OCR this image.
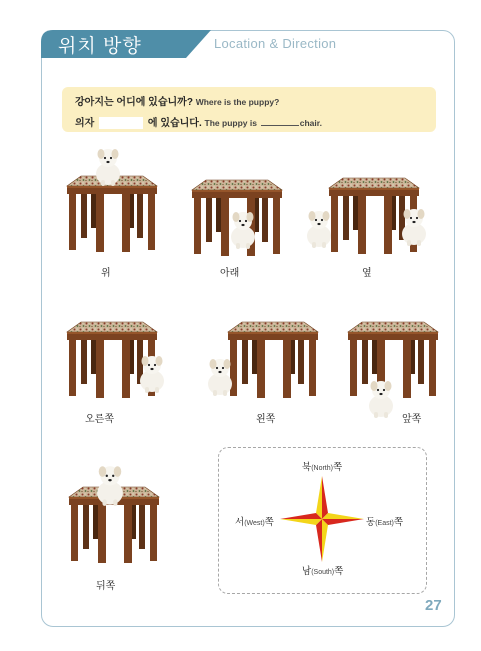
위치 방향	Location & Direction
강아지는 어디에 있습니까? Where is the puppy?
의자	에 있습니다. The puppy is	chair.
위	아래	옆
오른쪽	왼쪽	앞쪽
뒤쪽
북(North)쪽
남(South)쪽
서(West)쪽	동(East)쪽
27
